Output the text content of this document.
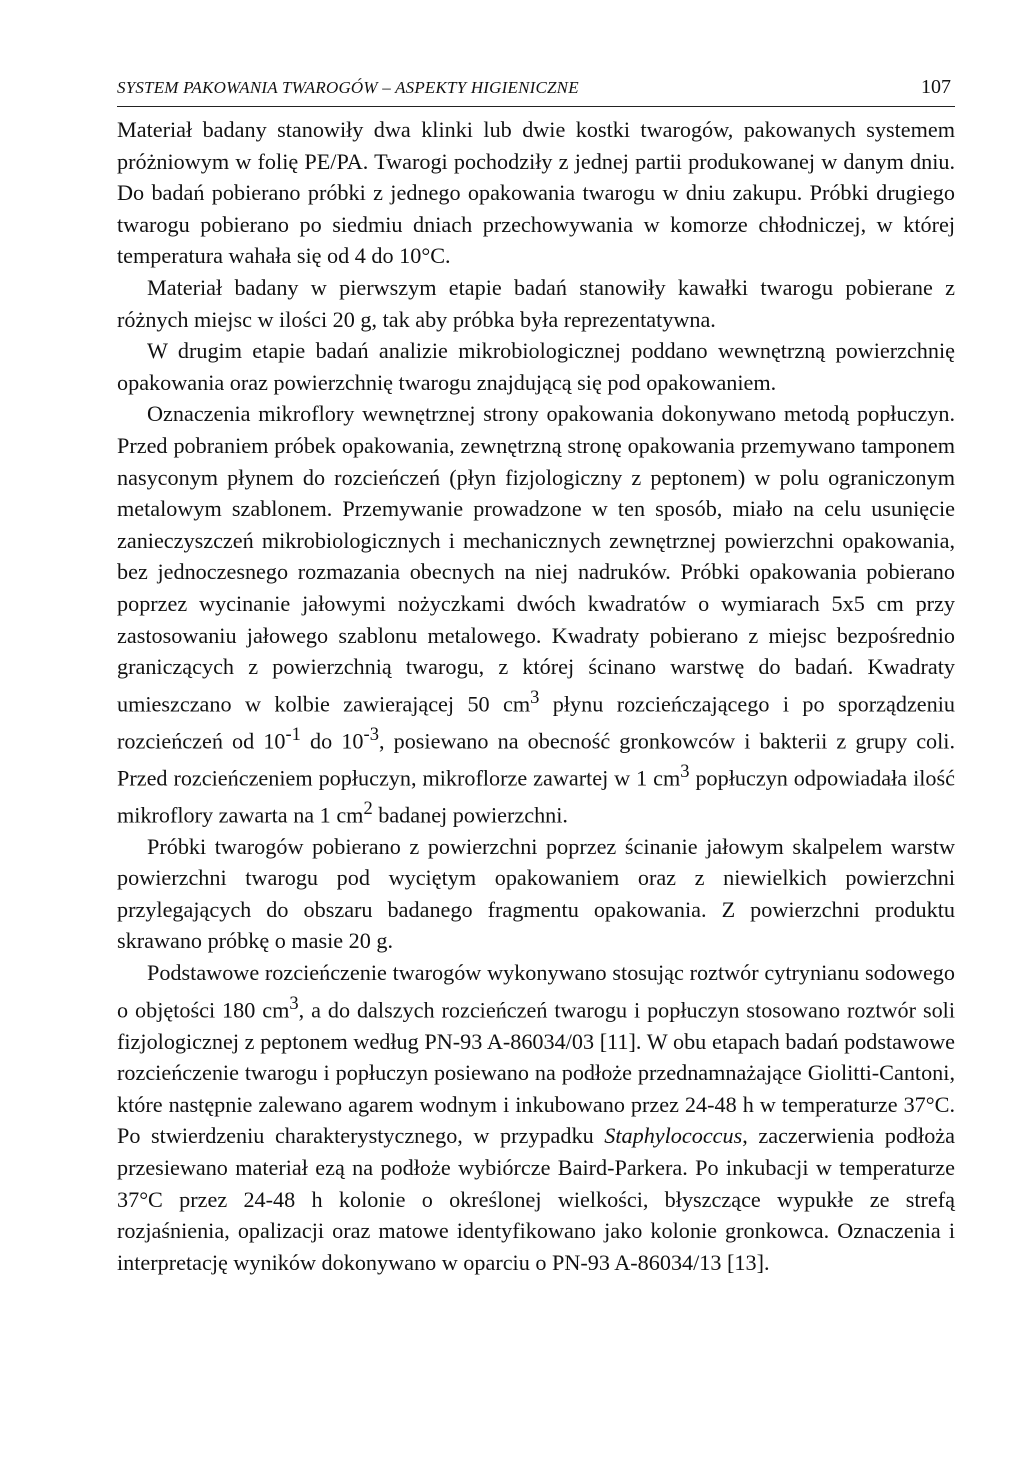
SYSTEM PAKOWANIA TWAROGÓW – ASPEKTY HIGIENICZNE	107

Materiał badany stanowiły dwa klinki lub dwie kostki twarogów, pakowanych systemem próżniowym w folię PE/PA. Twarogi pochodziły z jednej partii produkowanej w danym dniu. Do badań pobierano próbki z jednego opakowania twarogu w dniu zakupu. Próbki drugiego twarogu pobierano po siedmiu dniach przechowywania w komorze chłodniczej, w której temperatura wahała się od 4 do 10°C.

Materiał badany w pierwszym etapie badań stanowiły kawałki twarogu pobierane z różnych miejsc w ilości 20 g, tak aby próbka była reprezentatywna.

W drugim etapie badań analizie mikrobiologicznej poddano wewnętrzną powierzchnię opakowania oraz powierzchnię twarogu znajdującą się pod opakowaniem.

Oznaczenia mikroflory wewnętrznej strony opakowania dokonywano metodą popłuczyn. Przed pobraniem próbek opakowania, zewnętrzną stronę opakowania przemywano tamponem nasyconym płynem do rozcieńczeń (płyn fizjologiczny z peptonem) w polu ograniczonym metalowym szablonem. Przemywanie prowadzone w ten sposób, miało na celu usunięcie zanieczyszczeń mikrobiologicznych i mechanicznych zewnętrznej powierzchni opakowania, bez jednoczesnego rozmazania obecnych na niej nadruków. Próbki opakowania pobierano poprzez wycinanie jałowymi nożyczkami dwóch kwadratów o wymiarach 5x5 cm przy zastosowaniu jałowego szablonu metalowego. Kwadraty pobierano z miejsc bezpośrednio graniczących z powierzchnią twarogu, z której ścinano warstwę do badań. Kwadraty umieszczano w kolbie zawierającej 50 $cm^3$ płynu rozcieńczającego i po sporządzeniu rozcieńczeń od $10^{-1}$ do $10^{-3}$, posiewano na obecność gronkowców i bakterii z grupy coli. Przed rozcieńczeniem popłuczyn, mikroflorze zawartej w 1 $cm^3$ popłuczyn odpowiadała ilość mikroflory zawarta na 1 $cm^2$ badanej powierzchni.

Próbki twarogów pobierano z powierzchni poprzez ścinanie jałowym skalpelem warstw powierzchni twarogu pod wyciętym opakowaniem oraz z niewielkich powierzchni przylegających do obszaru badanego fragmentu opakowania. Z powierzchni produktu skrawano próbkę o masie 20 g.

Podstawowe rozcieńczenie twarogów wykonywano stosując roztwór cytrynianu sodowego o objętości 180 $cm^3$, a do dalszych rozcieńczeń twarogu i popłuczyn stosowano roztwór soli fizjologicznej z peptonem według PN-93 A-86034/03 [11]. W obu etapach badań podstawowe rozcieńczenie twarogu i popłuczyn posiewano na podłoże przednamnażające Giolitti-Cantoni, które następnie zalewano agarem wodnym i inkubowano przez 24-48 h w temperaturze 37°C. Po stwierdzeniu charakterystycznego, w przypadku Staphylococcus, zaczerwienia podłoża przesiewano materiał ezą na podłoże wybiórcze Baird-Parkera. Po inkubacji w temperaturze 37°C przez 24-48 h kolonie o określonej wielkości, błyszczące wypukłe ze strefą rozjaśnienia, opalizacji oraz matowe identyfikowano jako kolonie gronkowca. Oznaczenia i interpretację wyników dokonywano w oparciu o PN-93 A-86034/13 [13].
